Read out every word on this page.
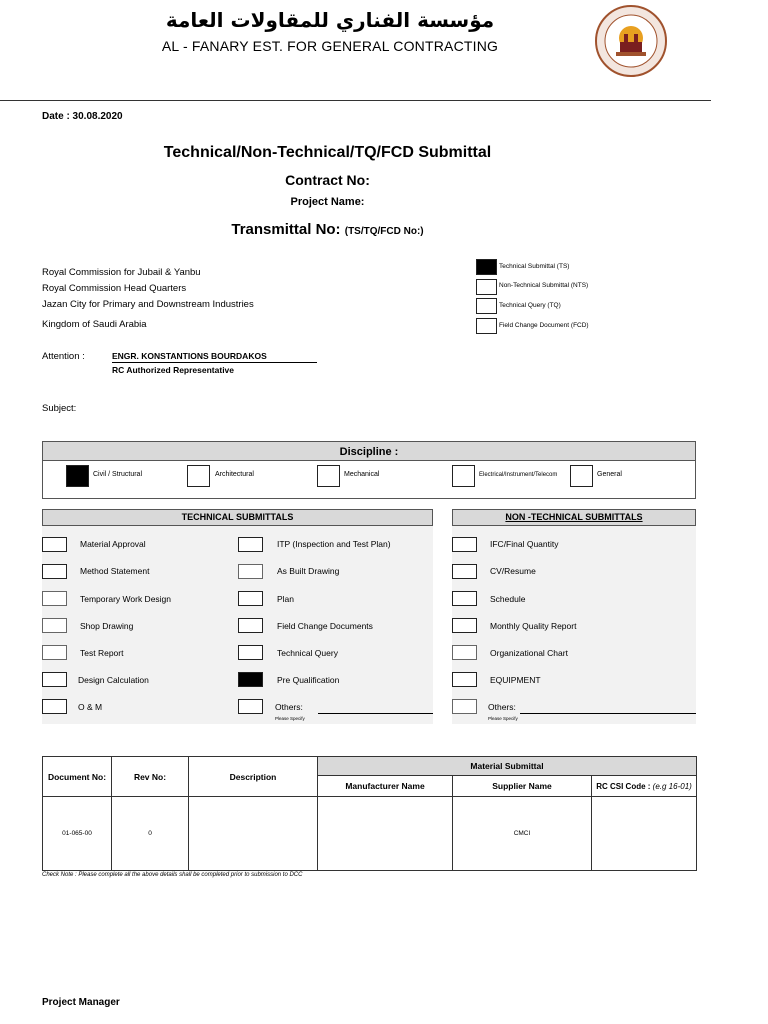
مؤسسة الفناري للمقاولات العامة
AL - FANARY EST. FOR GENERAL CONTRACTING
Date : 30.08.2020
Technical/Non-Technical/TQ/FCD Submittal
Contract No:
Project Name:
Transmittal No: (TS/TQ/FCD No:)
Royal Commission for Jubail & Yanbu
Royal Commission Head Quarters
Jazan City for Primary and Downstream Industries
Kingdom of Saudi Arabia
Technical Submittal (TS)
Non-Technical Submittal (NTS)
Technical Query (TQ)
Field Change Document (FCD)
Attention :	ENGR. KONSTANTIONS BOURDAKOS
RC Authorized Representative
Subject:
Discipline :
Civil / Structural	Architectural	Mechanical	Electrical/Instrument/Telecom	General
TECHNICAL SUBMITTALS	NON -TECHNICAL SUBMITTALS
Material Approval
Method Statement
Temporary Work Design
Shop Drawing
Test Report
Design Calculation
O & M
ITP (Inspection and Test Plan)
As Built Drawing
Plan
Field Change Documents
Technical Query
Pre Qualification
Others:
Please Specify
IFC/Final Quantity
CV/Resume
Schedule
Monthly Quality Report
Organizational Chart
EQUIPMENT
Others:
Please Specify
Document No:	Rev No:	Description	Material Submittal		
			Manufacturer Name	Supplier Name	RC CSI Code : (e.g 16-01)
01-065-00	0			CMCI	
Check Note : Please complete all the above details shall be completed prior to submission to DCC
Project Manager
